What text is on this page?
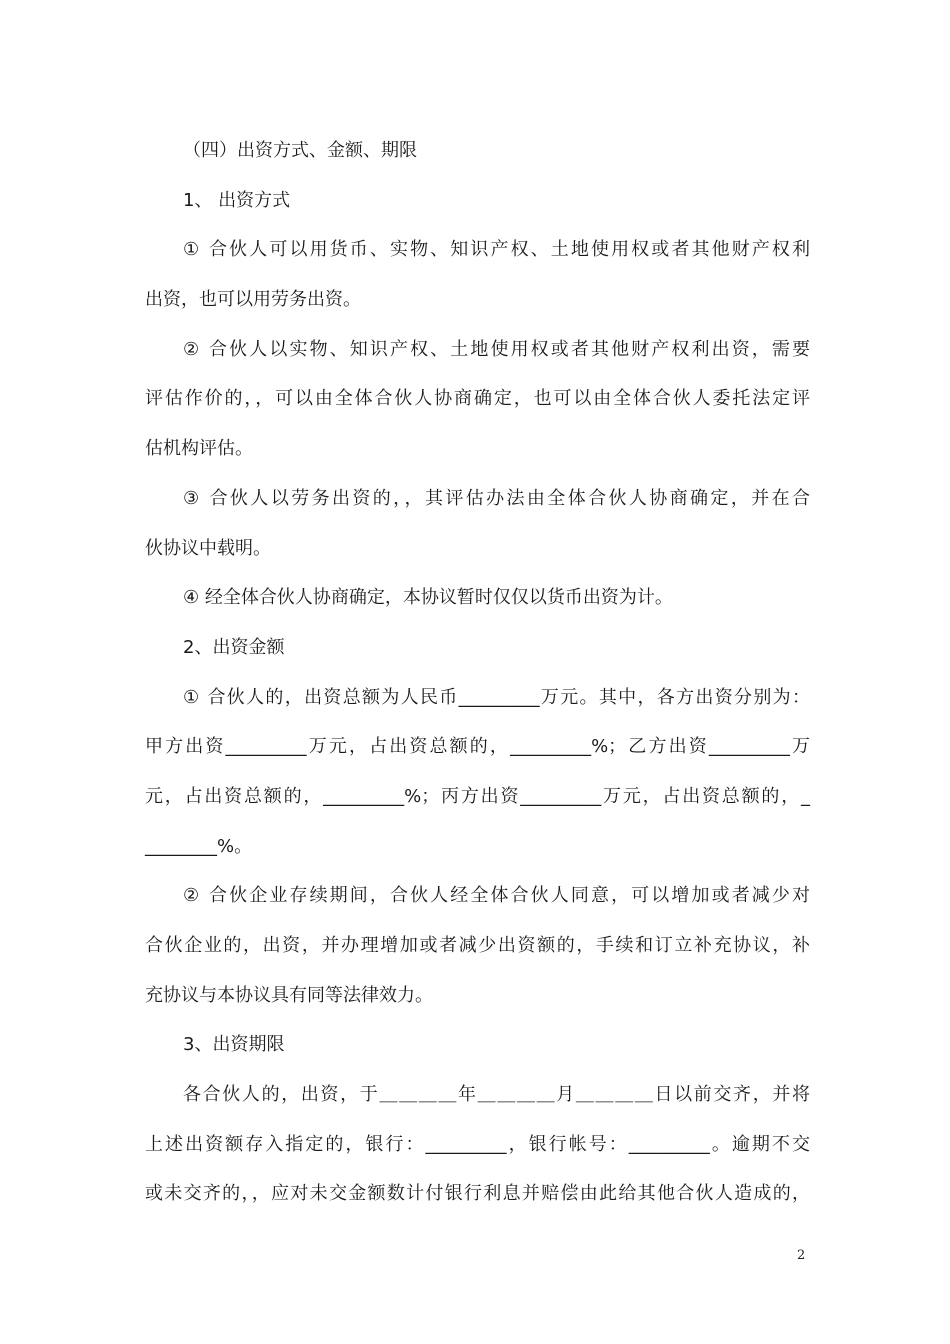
（四）出资方式、金额、期限
1、 出资方式
① 合伙人可以用货币、实物、知识产权、土地使用权或者其他财产权利
出资，也可以用劳务出资。
② 合伙人以实物、知识产权、土地使用权或者其他财产权利出资，需要
评估作价的，，可以由全体合伙人协商确定，也可以由全体合伙人委托法定评
估机构评估。
③ 合伙人以劳务出资的，，其评估办法由全体合伙人协商确定，并在合
伙协议中载明。
④ 经全体合伙人协商确定，本协议暂时仅仅以货币出资为计。
2、出资金额
① 合伙人的，出资总额为人民币_________万元。其中，各方出资分别为：
甲方出资_________万元，占出资总额的，_________%；乙方出资_________万
元，占出资总额的，_________%；丙方出资_________万元，占出资总额的，_
________%。
② 合伙企业存续期间，合伙人经全体合伙人同意，可以增加或者减少对
合伙企业的，出资，并办理增加或者减少出资额的，手续和订立补充协议，补
充协议与本协议具有同等法律效力。
3、出资期限
各合伙人的，出资，于＿＿＿＿年＿＿＿＿月＿＿＿＿日以前交齐，并将
上述出资额存入指定的，银行：_________，银行帐号：_________。逾期不交
或未交齐的，，应对未交金额数计付银行利息并赔偿由此给其他合伙人造成的，
2
